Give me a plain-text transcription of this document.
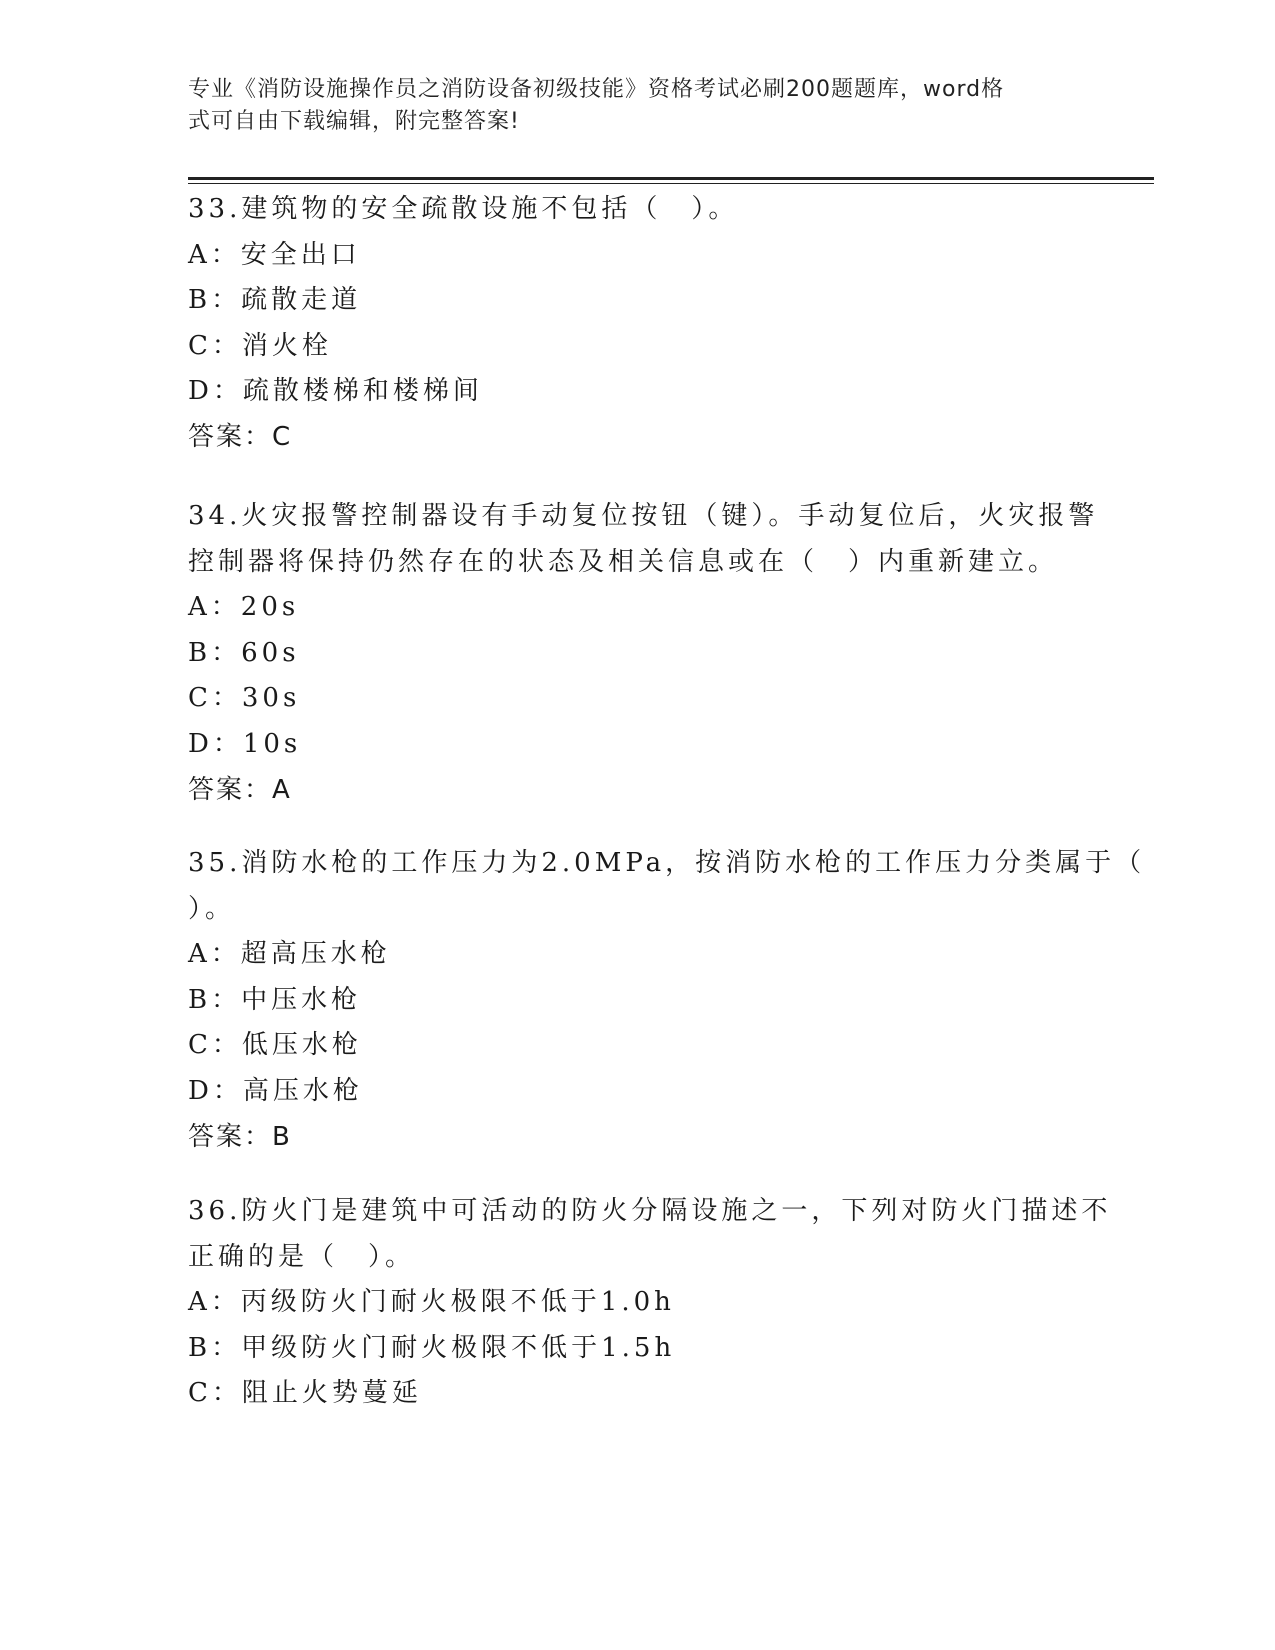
专业《消防设施操作员之消防设备初级技能》资格考试必刷200题题库，word格
式可自由下载编辑，附完整答案!
33.建筑物的安全疏散设施不包括（　）。
A：安全出口
B：疏散走道
C：消火栓
D：疏散楼梯和楼梯间
答案：C
34.火灾报警控制器设有手动复位按钮（键）。手动复位后，火灾报警
控制器将保持仍然存在的状态及相关信息或在（　）内重新建立。
A：20s
B：60s
C：30s
D：10s
答案：A
35.消防水枪的工作压力为2.0MPa，按消防水枪的工作压力分类属于（
）。
A：超高压水枪
B：中压水枪
C：低压水枪
D：高压水枪
答案：B
36.防火门是建筑中可活动的防火分隔设施之一，下列对防火门描述不
正确的是（　）。
A：丙级防火门耐火极限不低于1.0h
B：甲级防火门耐火极限不低于1.5h
C：阻止火势蔓延
